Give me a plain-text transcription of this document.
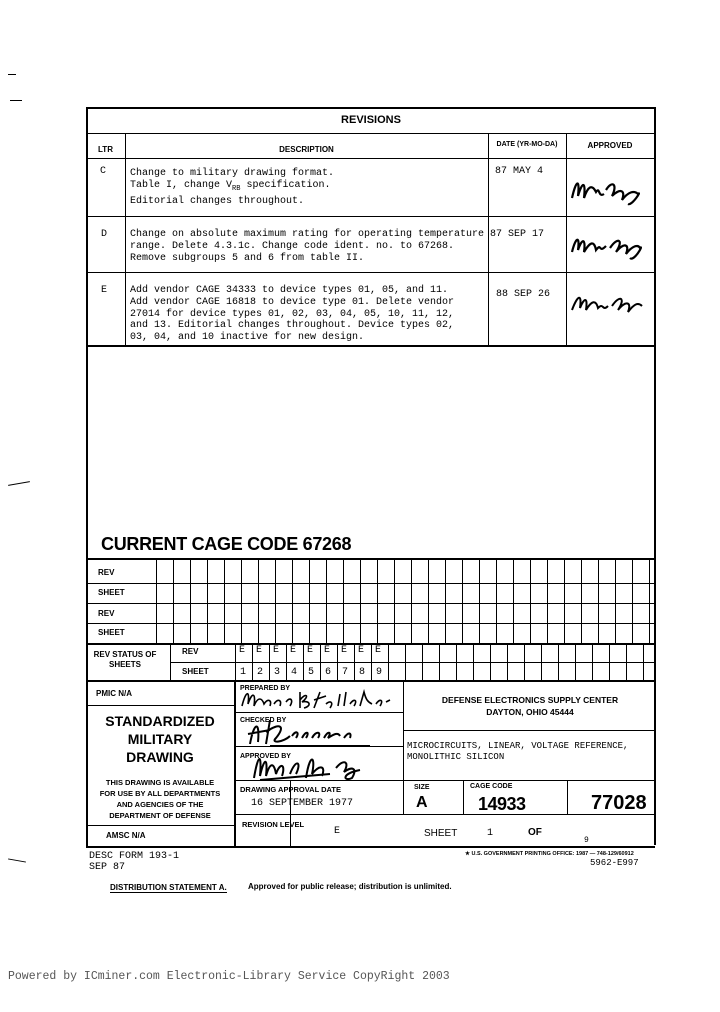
REVISIONS
LTR	DESCRIPTION
DATE (YR-MO-DA)	APPROVED
C Change to military drawing format.
Table I, change $V_{RB}$ specification.
Editorial changes throughout.
87 MAY 4
D Change on absolute maximum rating for operating temperature
range. Delete 4.3.1c. Change code ident. no. to 67268.
Remove subgroups 5 and 6 from table II.
87 SEP 17
E Add vendor CAGE 34333 to device types 01, 05, and 11.
Add vendor CAGE 16818 to device type 01. Delete vendor
27014 for device types 01, 02, 03, 04, 05, 10, 11, 12,
and 13. Editorial changes throughout. Device types 02,
03, 04, and 10 inactive for new design.
88 SEP 26
CURRENT CAGE CODE 67268
REV
SHEET
REV
SHEET
REV STATUS OF SHEETS
REV
SHEET
E E E E E E E E E
1 2 3 4 5 6 7 8 9
PMIC N/A
STANDARDIZED
MILITARY
DRAWING
THIS DRAWING IS AVAILABLE
FOR USE BY ALL DEPARTMENTS
AND AGENCIES OF THE
DEPARTMENT OF DEFENSE
AMSC N/A
PREPARED BY
CHECKED BY
APPROVED BY
DRAWING APPROVAL DATE
16 SEPTEMBER 1977
REVISION LEVEL
E
DEFENSE ELECTRONICS SUPPLY CENTER
DAYTON, OHIO 45444
MICROCIRCUITS, LINEAR, VOLTAGE REFERENCE,
MONOLITHIC SILICON
SIZE
A
CAGE CODE
14933	77028
SHEET	1	OF
9
DESC FORM 193-1
SEP 87
★ U.S. GOVERNMENT PRINTING OFFICE: 1987 — 748-129/60912
5962-E997
DISTRIBUTION STATEMENT A.	Approved for public release; distribution is unlimited.
Powered by ICminer.com Electronic-Library Service CopyRight 2003
